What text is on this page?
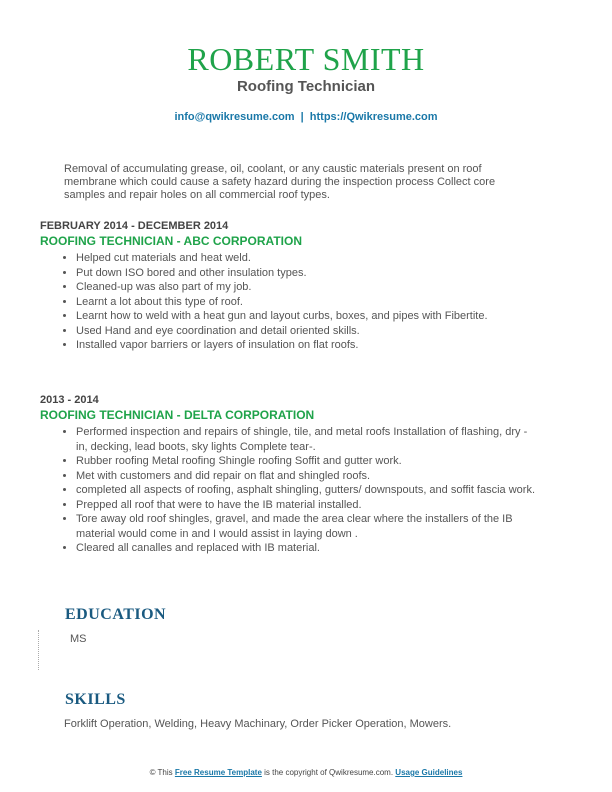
ROBERT SMITH
Roofing Technician
info@qwikresume.com | https://Qwikresume.com
Removal of accumulating grease, oil, coolant, or any caustic materials present on roof membrane which could cause a safety hazard during the inspection process Collect core samples and repair holes on all commercial roof types.
FEBRUARY 2014 - DECEMBER 2014
ROOFING TECHNICIAN - ABC CORPORATION
• Helped cut materials and heat weld.
• Put down ISO bored and other insulation types.
• Cleaned-up was also part of my job.
• Learnt a lot about this type of roof.
• Learnt how to weld with a heat gun and layout curbs, boxes, and pipes with Fibertite.
• Used Hand and eye coordination and detail oriented skills.
• Installed vapor barriers or layers of insulation on flat roofs.
2013 - 2014
ROOFING TECHNICIAN - DELTA CORPORATION
• Performed inspection and repairs of shingle, tile, and metal roofs Installation of flashing, dry - in, decking, lead boots, sky lights Complete tear-.
• Rubber roofing Metal roofing Shingle roofing Soffit and gutter work.
• Met with customers and did repair on flat and shingled roofs.
• completed all aspects of roofing, asphalt shingling, gutters/ downspouts, and soffit fascia work.
• Prepped all roof that were to have the IB material installed.
• Tore away old roof shingles, gravel, and made the area clear where the installers of the IB material would come in and I would assist in laying down .
• Cleared all canalles and replaced with IB material.
EDUCATION
MS
SKILLS
Forklift Operation, Welding, Heavy Machinary, Order Picker Operation, Mowers.
© This Free Resume Template is the copyright of Qwikresume.com. Usage Guidelines
